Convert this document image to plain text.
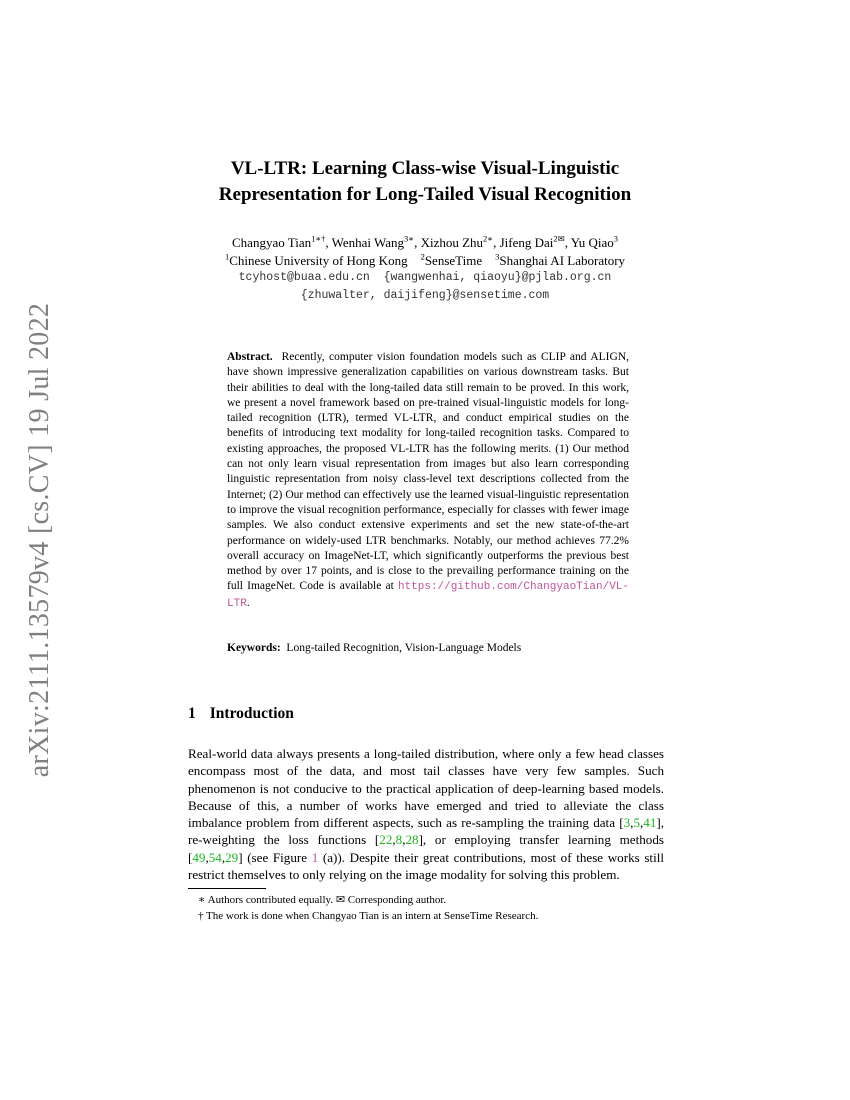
arXiv:2111.13579v4 [cs.CV] 19 Jul 2022
VL-LTR: Learning Class-wise Visual-Linguistic
Representation for Long-Tailed Visual Recognition
Changyao Tian$^{1∗\dagger}$, Wenhai Wang$^{3∗}$, Xizhou Zhu$^{2∗}$, Jifeng Dai$^{2✉}$, Yu Qiao$^3$
$^1$Chinese University of Hong Kong $^2$SenseTime $^3$Shanghai AI Laboratory
tcyhost@buaa.edu.cn  {wangwenhai, qiaoyu}@pjlab.org.cn
{zhuwalter, daijifeng}@sensetime.com
Abstract. Recently, computer vision foundation models such as CLIP and ALIGN, have shown impressive generalization capabilities on various downstream tasks. But their abilities to deal with the long-tailed data still remain to be proved. In this work, we present a novel framework based on pre-trained visual-linguistic models for long-tailed recognition (LTR), termed VL-LTR, and conduct empirical studies on the benefits of introducing text modality for long-tailed recognition tasks. Compared to existing approaches, the proposed VL-LTR has the following merits. (1) Our method can not only learn visual representation from images but also learn corresponding linguistic representation from noisy class-level text descriptions collected from the Internet; (2) Our method can effectively use the learned visual-linguistic representation to improve the visual recognition performance, especially for classes with fewer image samples. We also conduct extensive experiments and set the new state-of-the-art performance on widely-used LTR benchmarks. Notably, our method achieves 77.2% overall accuracy on ImageNet-LT, which significantly outperforms the previous best method by over 17 points, and is close to the prevailing performance training on the full ImageNet. Code is available at https://github.com/ChangyaoTian/VL-LTR.
Keywords: Long-tailed Recognition, Vision-Language Models
1 Introduction
Real-world data always presents a long-tailed distribution, where only a few head classes encompass most of the data, and most tail classes have very few samples. Such phenomenon is not conducive to the practical application of deep-learning based models. Because of this, a number of works have emerged and tried to alleviate the class imbalance problem from different aspects, such as re-sampling the training data [3,5,41], re-weighting the loss functions [22,8,28], or employing transfer learning methods [49,54,29] (see Figure 1 (a)). Despite their great contributions, most of these works still restrict themselves to only relying on the image modality for solving this problem.
∗ Authors contributed equally. ✉ Corresponding author.
† The work is done when Changyao Tian is an intern at SenseTime Research.
